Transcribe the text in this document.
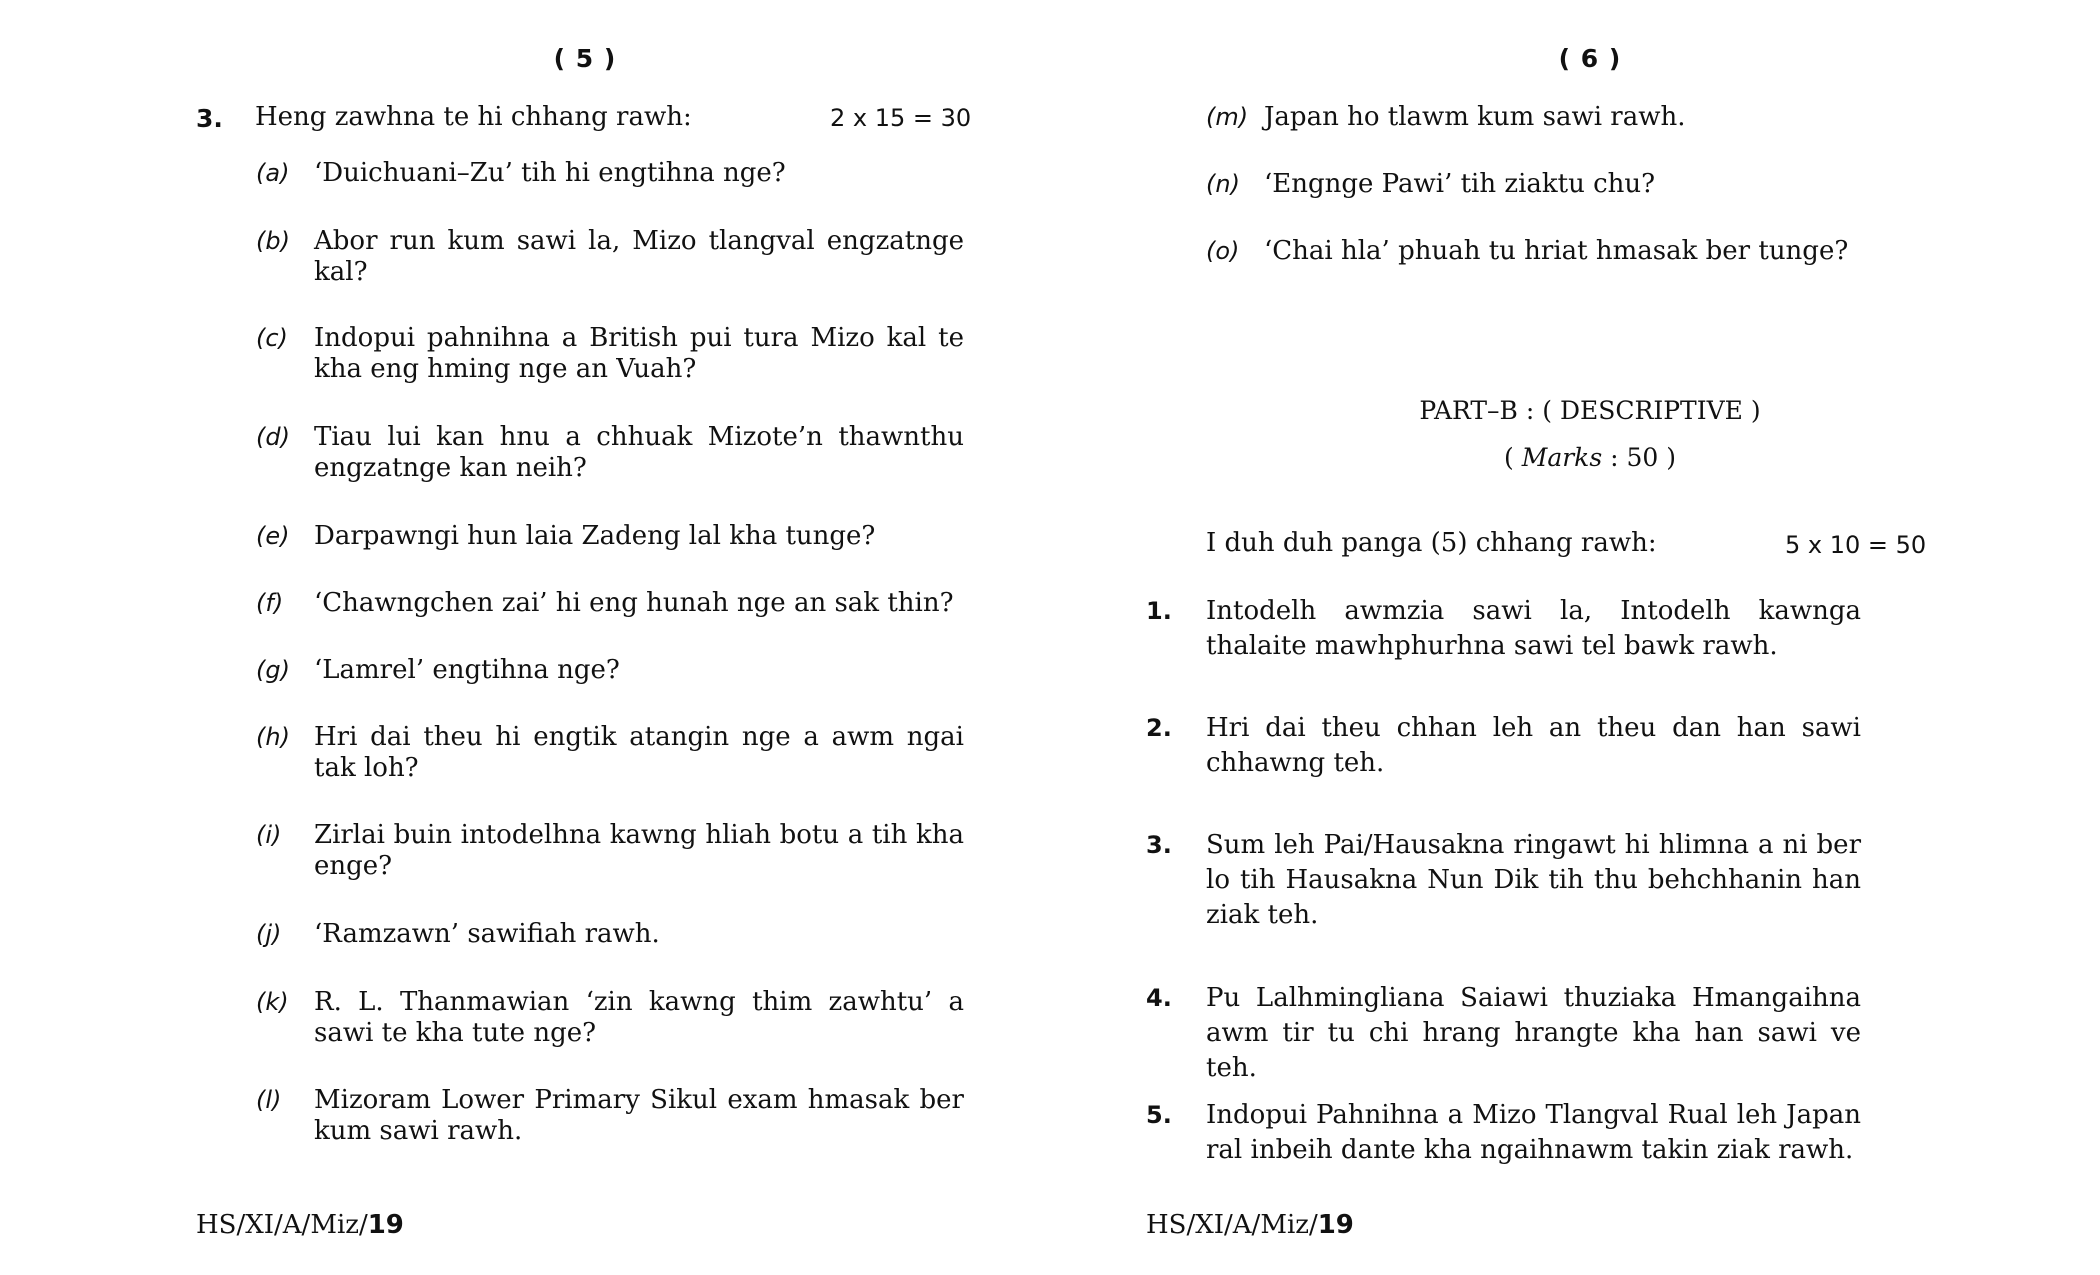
( 5 )
3. Heng zawhna te hi chhang rawh:	2 x 15 = 30
(a) ‘Duichuani–Zu’ tih hi engtihna nge?
(b) Abor run kum sawi la, Mizo tlangval engzatnge kal?
(c) Indopui pahnihna a British pui tura Mizo kal te kha eng hming nge an Vuah?
(d) Tiau lui kan hnu a chhuak Mizote’n thawnthu engzatnge kan neih?
(e) Darpawngi hun laia Zadeng lal kha tunge?
(f) ‘Chawngchen zai’ hi eng hunah nge an sak thin?
(g) ‘Lamrel’ engtihna nge?
(h) Hri dai theu hi engtik atangin nge a awm ngai tak loh?
(i) Zirlai buin intodelhna kawng hliah botu a tih kha enge?
(j) ‘Ramzawn’ sawifiah rawh.
(k) R. L. Thanmawian ‘zin kawng thim zawhtu’ a sawi te kha tute nge?
(l) Mizoram Lower Primary Sikul exam hmasak ber kum sawi rawh.
HS/XI/A/Miz/19
( 6 )
(m) Japan ho tlawm kum sawi rawh.
(n) ‘Engnge Pawi’ tih ziaktu chu?
(o) ‘Chai hla’ phuah tu hriat hmasak ber tunge?
PART–B : ( DESCRIPTIVE )
( Marks : 50 )
I duh duh panga (5) chhang rawh:	5 x 10 = 50
1. Intodelh awmzia sawi la, Intodelh kawnga thalaite mawhphurhna sawi tel bawk rawh.
2. Hri dai theu chhan leh an theu dan han sawi chhawng teh.
3. Sum leh Pai/Hausakna ringawt hi hlimna a ni ber lo tih Hausakna Nun Dik tih thu behchhanin han ziak teh.
4. Pu Lalhmingliana Saiawi thuziaka Hmangaihna awm tir tu chi hrang hrangte kha han sawi ve teh.
5. Indopui Pahnihna a Mizo Tlangval Rual leh Japan ral inbeih dante kha ngaihnawm takin ziak rawh.
HS/XI/A/Miz/19
